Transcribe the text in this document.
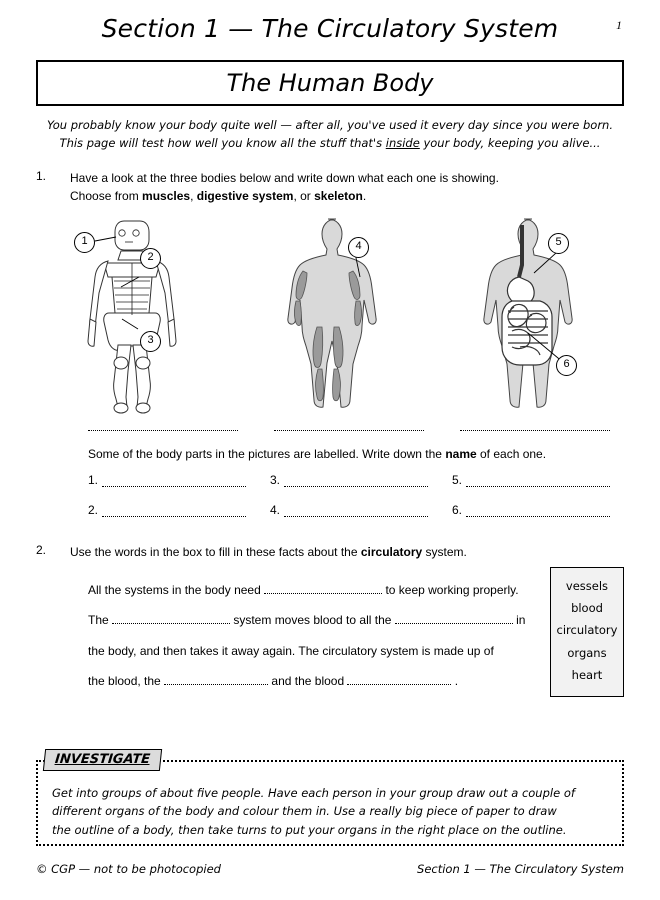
Section 1 — The Circulatory System	1
The Human Body
You probably know your body quite well — after all, you've used it every day since you were born.
This page will test how well you know all the stuff that's inside your body, keeping you alive...
1.	Have a look at the three bodies below and write down what each one is showing.
Choose from muscles, digestive system, or skeleton.
1
2
3
4	5
6
Some of the body parts in the pictures are labelled. Write down the name of each one.
1.	3.	5.
2.	4.	6.
2.	Use the words in the box to fill in these facts about the circulatory system.
All the systems in the body need	to keep working properly.
The	system moves blood to all the	in
the body, and then takes it away again. The circulatory system is made up of
the blood, the	and the blood	.
vessels
blood
circulatory
organs
heart
INVESTIGATE
Get into groups of about five people. Have each person in your group draw out a couple of
different organs of the body and colour them in. Use a really big piece of paper to draw
the outline of a body, then take turns to put your organs in the right place on the outline.
© CGP — not to be photocopied	Section 1 — The Circulatory System
